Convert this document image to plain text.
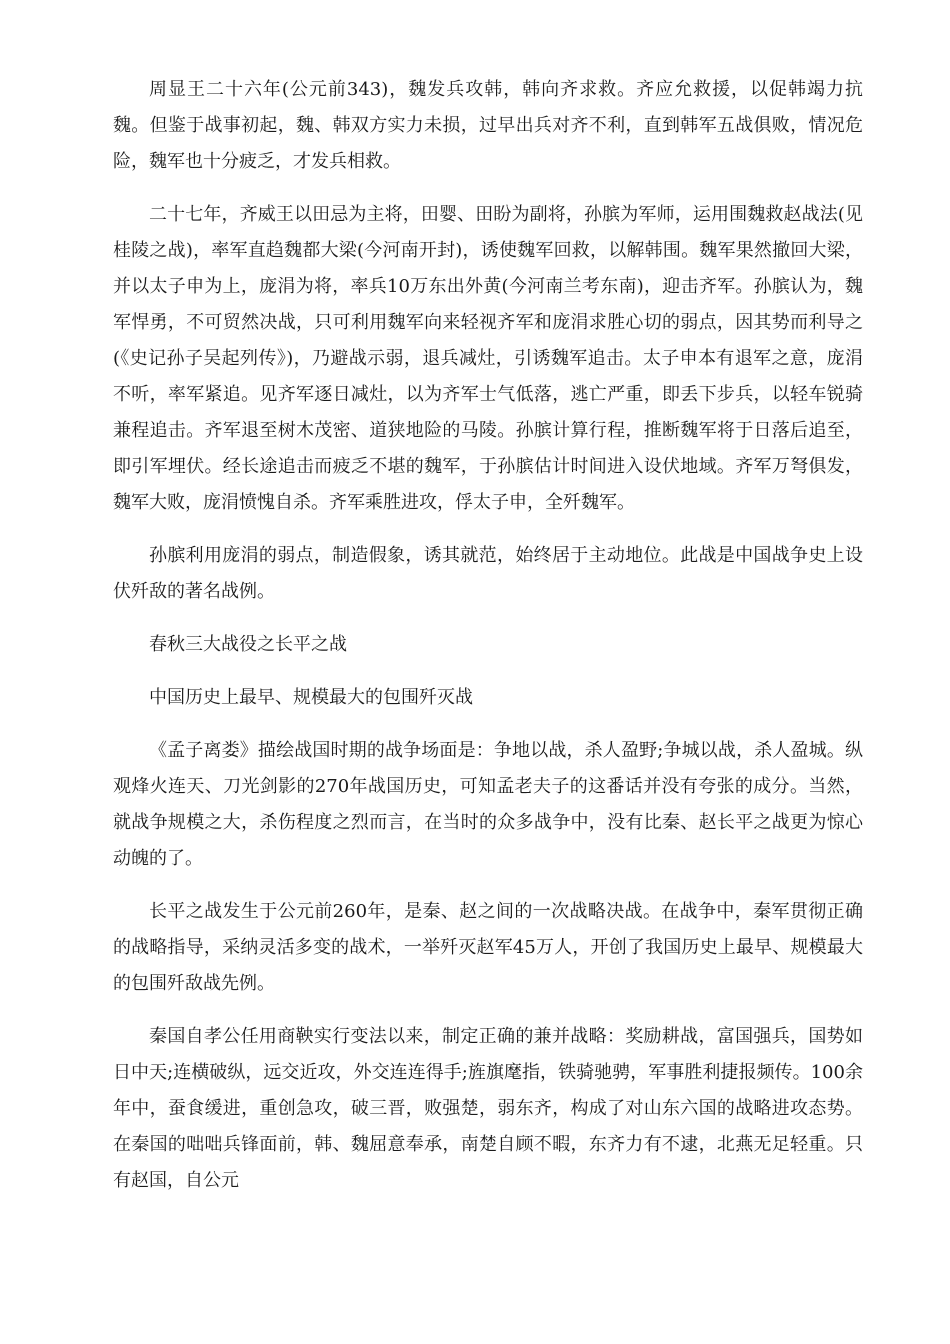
周显王二十六年(公元前343)，魏发兵攻韩，韩向齐求救。齐应允救援，以促韩竭力抗魏。但鉴于战事初起，魏、韩双方实力未损，过早出兵对齐不利，直到韩军五战俱败，情况危险，魏军也十分疲乏，才发兵相救。

二十七年，齐威王以田忌为主将，田婴、田盼为副将，孙膑为军师，运用围魏救赵战法(见桂陵之战)，率军直趋魏都大梁(今河南开封)，诱使魏军回救，以解韩围。魏军果然撤回大梁，并以太子申为上，庞涓为将，率兵10万东出外黄(今河南兰考东南)，迎击齐军。孙膑认为，魏军悍勇，不可贸然决战，只可利用魏军向来轻视齐军和庞涓求胜心切的弱点，因其势而利导之(《史记孙子吴起列传》)，乃避战示弱，退兵减灶，引诱魏军追击。太子申本有退军之意，庞涓不听，率军紧追。见齐军逐日减灶，以为齐军士气低落，逃亡严重，即丢下步兵，以轻车锐骑兼程追击。齐军退至树木茂密、道狭地险的马陵。孙膑计算行程，推断魏军将于日落后追至，即引军埋伏。经长途追击而疲乏不堪的魏军，于孙膑估计时间进入设伏地域。齐军万弩俱发，魏军大败，庞涓愤愧自杀。齐军乘胜进攻，俘太子申，全歼魏军。

孙膑利用庞涓的弱点，制造假象，诱其就范，始终居于主动地位。此战是中国战争史上设伏歼敌的著名战例。

春秋三大战役之长平之战

中国历史上最早、规模最大的包围歼灭战

《孟子离娄》描绘战国时期的战争场面是：争地以战，杀人盈野;争城以战，杀人盈城。纵观烽火连天、刀光剑影的270年战国历史，可知孟老夫子的这番话并没有夸张的成分。当然，就战争规模之大，杀伤程度之烈而言，在当时的众多战争中，没有比秦、赵长平之战更为惊心动魄的了。

长平之战发生于公元前260年，是秦、赵之间的一次战略决战。在战争中，秦军贯彻正确的战略指导，采纳灵活多变的战术，一举歼灭赵军45万人，开创了我国历史上最早、规模最大的包围歼敌战先例。

秦国自孝公任用商鞅实行变法以来，制定正确的兼并战略：奖励耕战，富国强兵，国势如日中天;连横破纵，远交近攻，外交连连得手;旌旗麾指，铁骑驰骋，军事胜利捷报频传。100余年中，蚕食缓进，重创急攻，破三晋，败强楚，弱东齐，构成了对山东六国的战略进攻态势。在秦国的咄咄兵锋面前，韩、魏屈意奉承，南楚自顾不暇，东齐力有不逮，北燕无足轻重。只有赵国，自公元
